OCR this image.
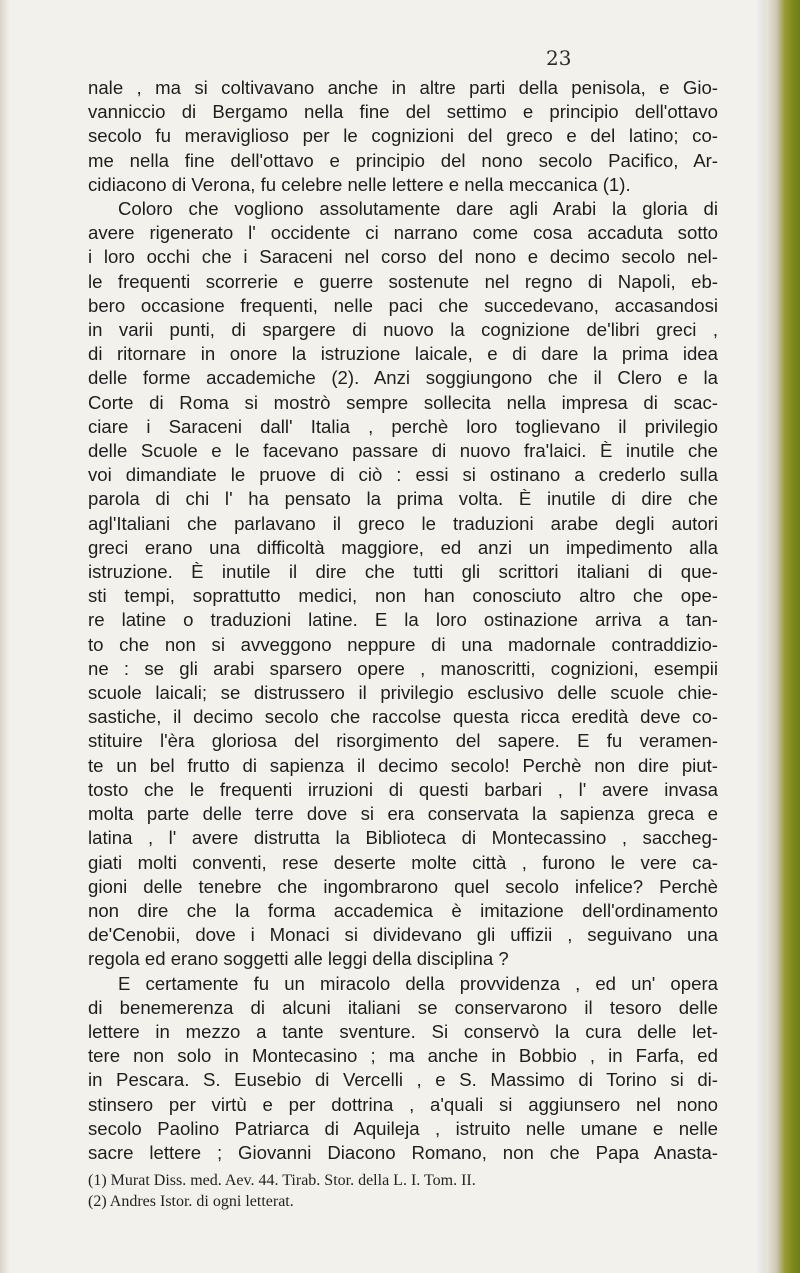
23
nale , ma si coltivavano anche in altre parti della penisola, e Gio-
vanniccio di Bergamo nella fine del settimo e principio dell'ottavo
secolo fu meraviglioso per le cognizioni del greco e del latino; co-
me nella fine dell'ottavo e principio del nono secolo Pacifico, Ar-
cidiacono di Verona, fu celebre nelle lettere e nella meccanica (1).
Coloro che vogliono assolutamente dare agli Arabi la gloria di
avere rigenerato l' occidente ci narrano come cosa accaduta sotto
i loro occhi che i Saraceni nel corso del nono e decimo secolo nel-
le frequenti scorrerie e guerre sostenute nel regno di Napoli, eb-
bero occasione frequenti, nelle paci che succedevano, accasandosi
in varii punti, di spargere di nuovo la cognizione de'libri greci ,
di ritornare in onore la istruzione laicale, e di dare la prima idea
delle forme accademiche (2). Anzi soggiungono che il Clero e la
Corte di Roma si mostrò sempre sollecita nella impresa di scac-
ciare i Saraceni dall' Italia , perchè loro toglievano il privilegio
delle Scuole e le facevano passare di nuovo fra'laici. È inutile che
voi dimandiate le pruove di ciò : essi si ostinano a crederlo sulla
parola di chi l' ha pensato la prima volta. È inutile di dire che
agl'Italiani che parlavano il greco le traduzioni arabe degli autori
greci erano una difficoltà maggiore, ed anzi un impedimento alla
istruzione. È inutile il dire che tutti gli scrittori italiani di que-
sti tempi, soprattutto medici, non han conosciuto altro che ope-
re latine o traduzioni latine. E la loro ostinazione arriva a tan-
to che non si avveggono neppure di una madornale contraddizio-
ne : se gli arabi sparsero opere , manoscritti, cognizioni, esempii
scuole laicali; se distrussero il privilegio esclusivo delle scuole chie-
sastiche, il decimo secolo che raccolse questa ricca eredità deve co-
stituire l'èra gloriosa del risorgimento del sapere. E fu veramen-
te un bel frutto di sapienza il decimo secolo! Perchè non dire piut-
tosto che le frequenti irruzioni di questi barbari , l' avere invasa
molta parte delle terre dove si era conservata la sapienza greca e
latina , l' avere distrutta la Biblioteca di Montecassino , saccheg-
giati molti conventi, rese deserte molte città , furono le vere ca-
gioni delle tenebre che ingombrarono quel secolo infelice? Perchè
non dire che la forma accademica è imitazione dell'ordinamento
de'Cenobii, dove i Monaci si dividevano gli uffizii , seguivano una
regola ed erano soggetti alle leggi della disciplina ?
E certamente fu un miracolo della provvidenza , ed un' opera
di benemerenza di alcuni italiani se conservarono il tesoro delle
lettere in mezzo a tante sventure. Si conservò la cura delle let-
tere non solo in Montecasino ; ma anche in Bobbio , in Farfa, ed
in Pescara. S. Eusebio di Vercelli , e S. Massimo di Torino si di-
stinsero per virtù e per dottrina , a'quali si aggiunsero nel nono
secolo Paolino Patriarca di Aquileja , istruito nelle umane e nelle
sacre lettere ; Giovanni Diacono Romano, non che Papa Anasta-
(1) Murat Diss. med. Aev. 44. Tirab. Stor. della L. I. Tom. II.
(2) Andres Istor. di ogni letterat.
